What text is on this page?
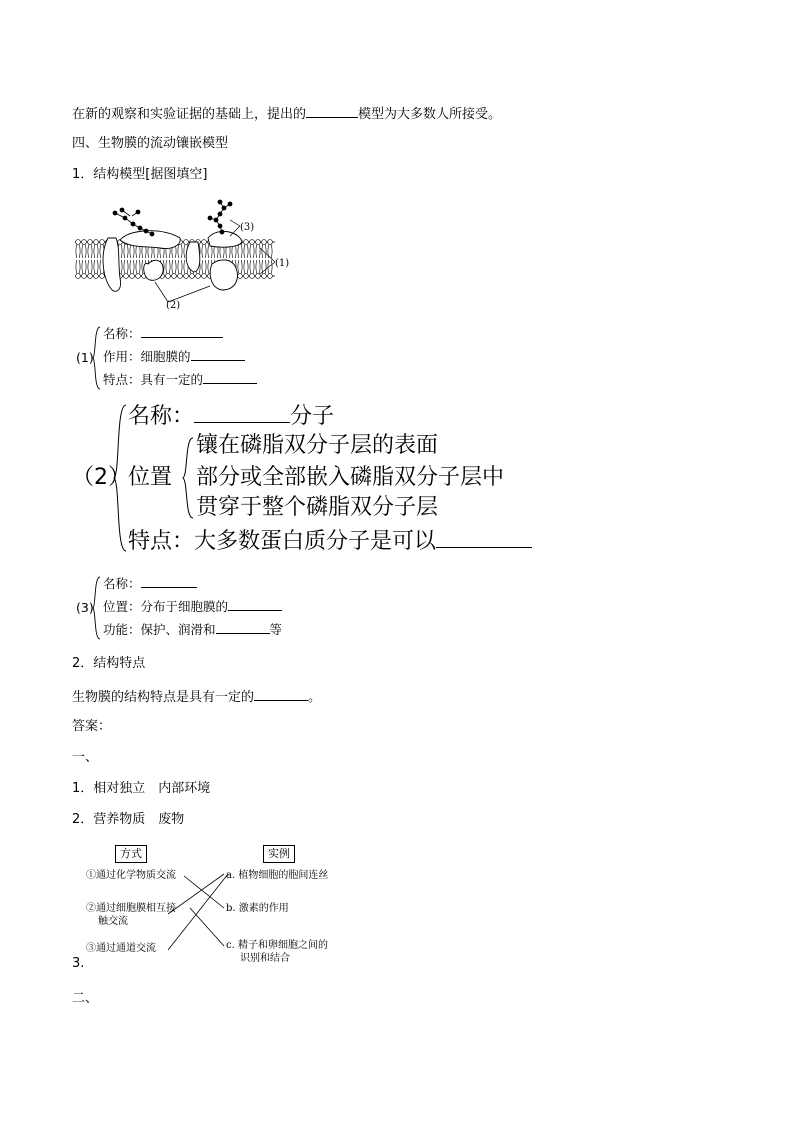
在新的观察和实验证据的基础上，提出的	模型为大多数人所接受。
四、生物膜的流动镶嵌模型
1．结构模型[据图填空]
(3)
(1)
(2)
(1)
名称：
作用：细胞膜的
特点：具有一定的
（2）
名称：	分子
位置
镶在磷脂双分子层的表面
部分或全部嵌入磷脂双分子层中
贯穿于整个磷脂双分子层
特点：大多数蛋白质分子是可以
(3)
名称：
位置：分布于细胞膜的
功能：保护、润滑和	等
2．结构特点
生物膜的结构特点是具有一定的	。
答案：
一、
1．相对独立　内部环境
2．营养物质　废物
方式	实例
①通过化学物质交流
②通过细胞膜相互接
触交流
③通过通道交流
a. 植物细胞的胞间连丝
b. 激素的作用
c. 精子和卵细胞之间的
识别和结合
3.
二、
